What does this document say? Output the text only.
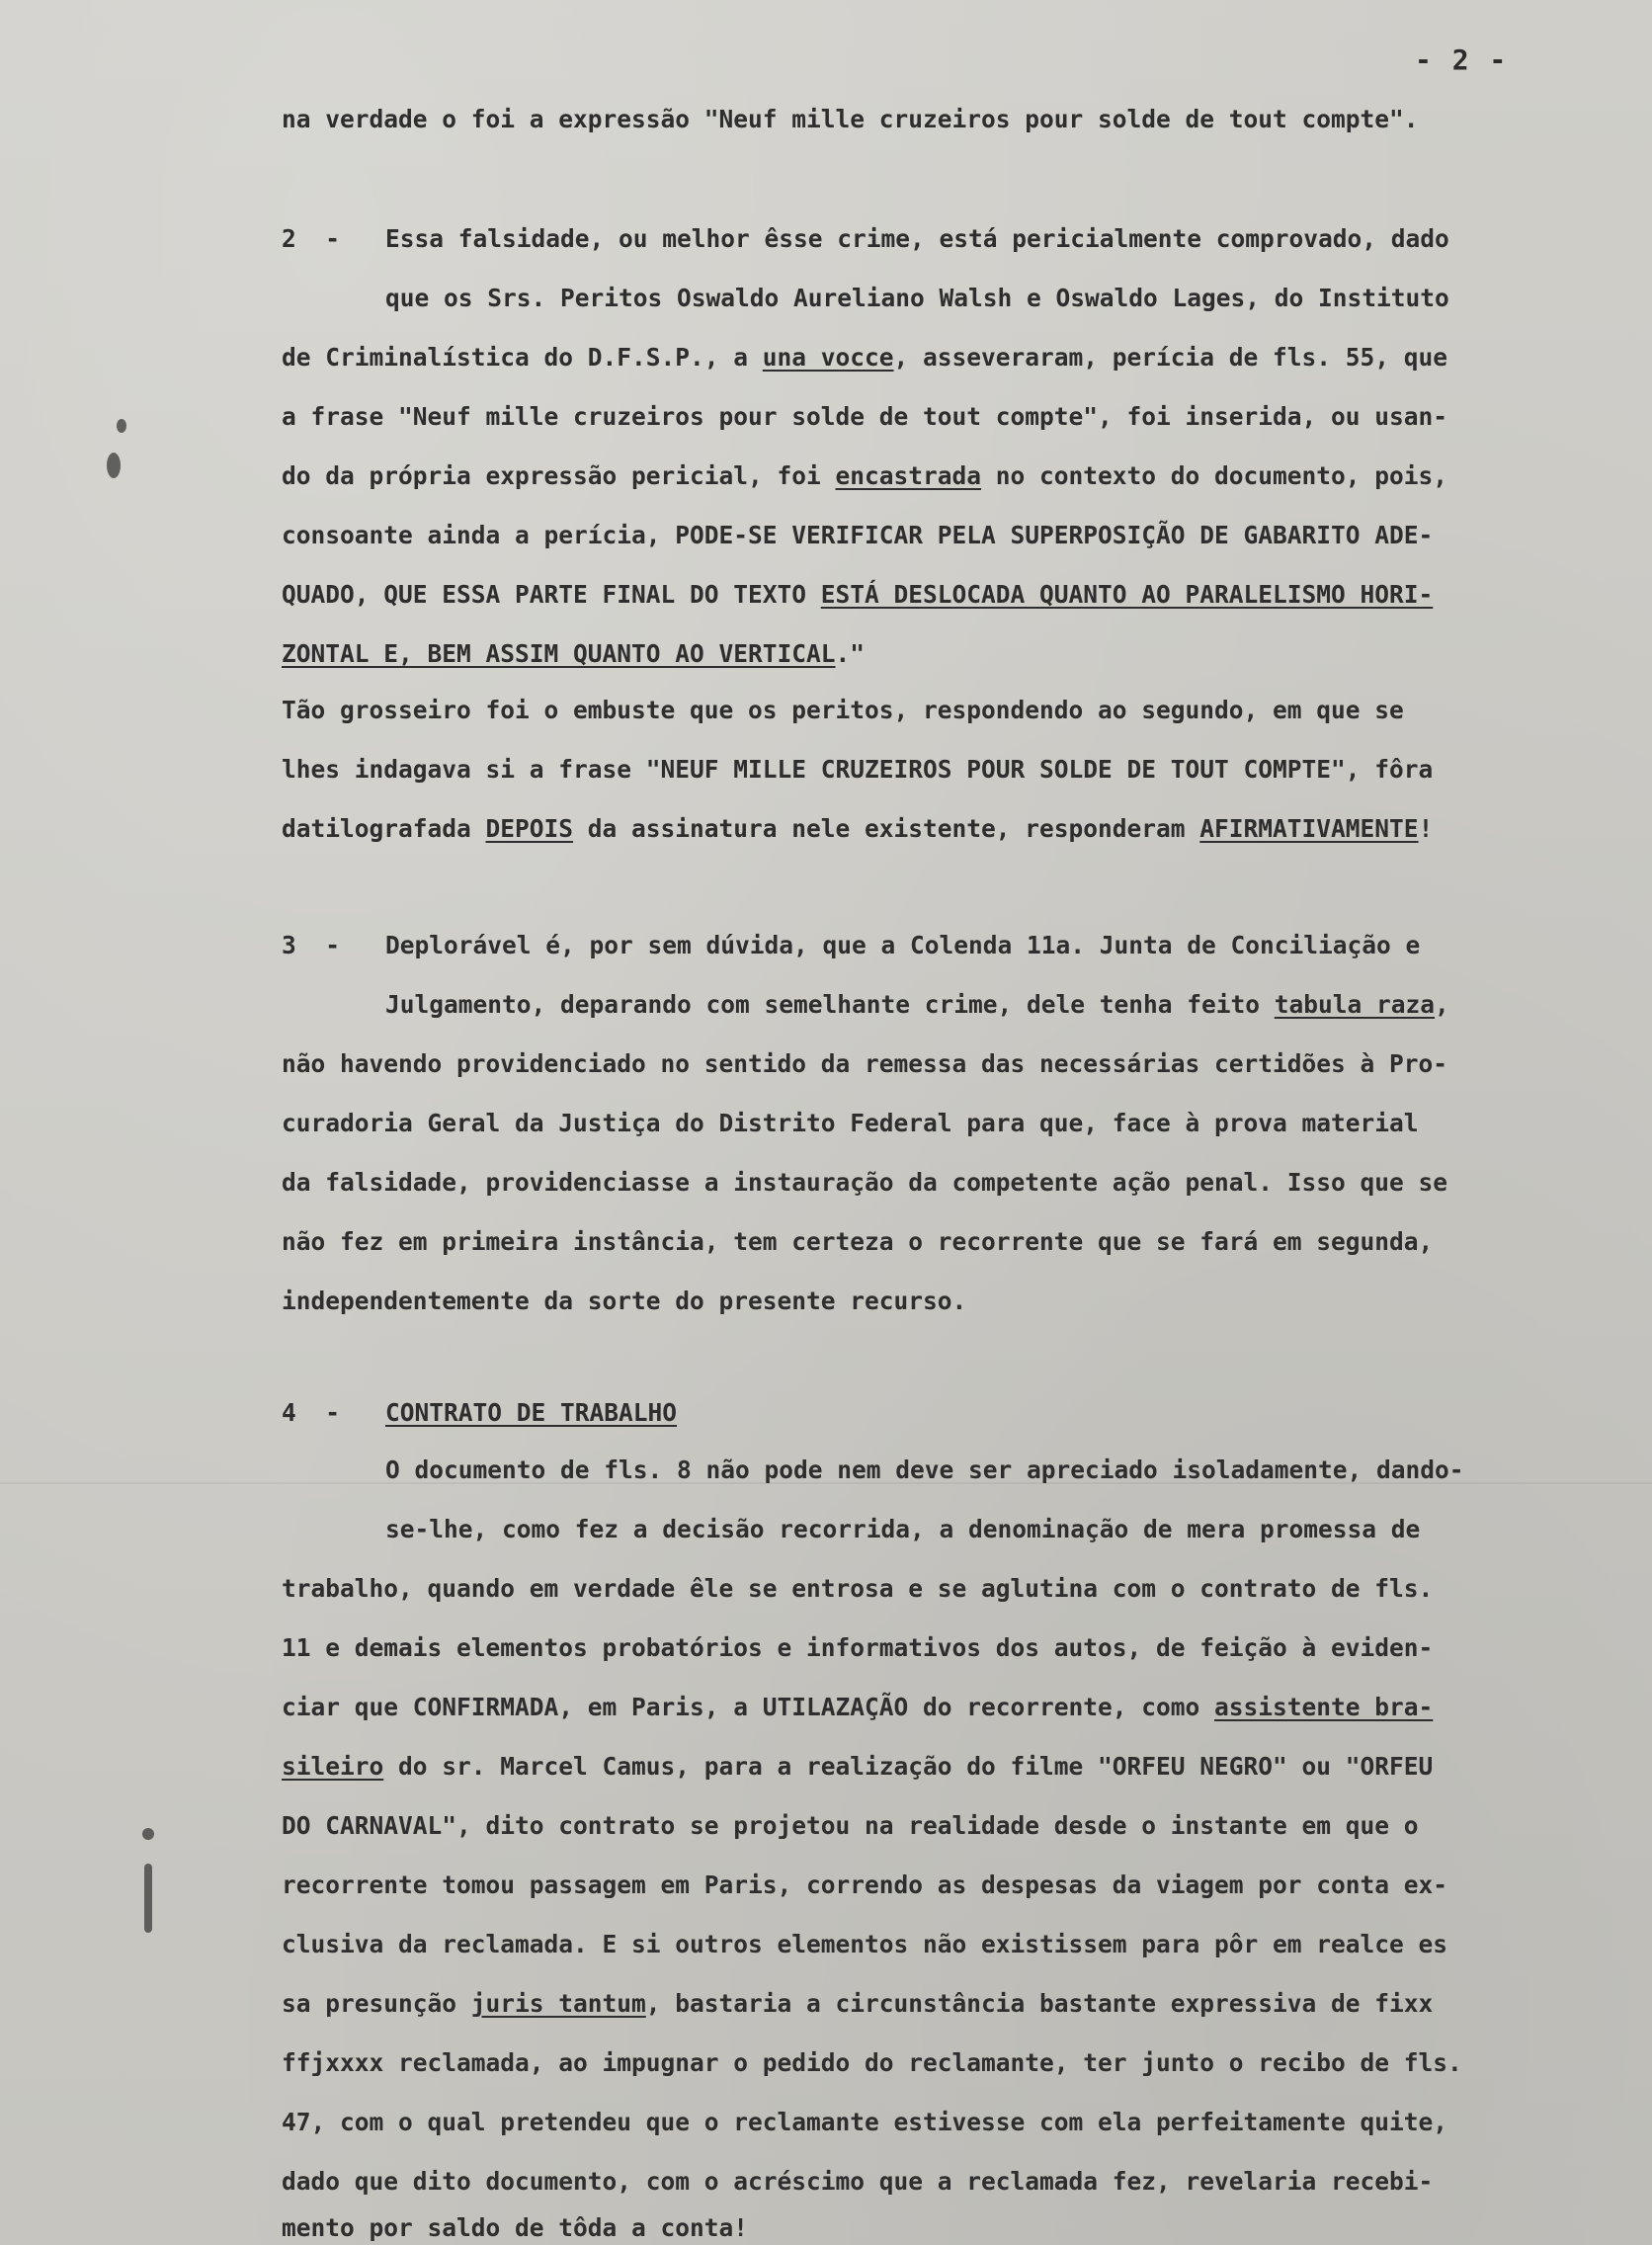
- 2 -
na verdade o foi a expressão "Neuf mille cruzeiros pour solde de tout compte".
2  - Essa falsidade, ou melhor êsse crime, está pericialmente comprovado, dado
que os Srs. Peritos Oswaldo Aureliano Walsh e Oswaldo Lages, do Instituto
de Criminalística do D.F.S.P., a una vocce, asseveraram, perícia de fls. 55, que
a frase "Neuf mille cruzeiros pour solde de tout compte", foi inserida, ou usan-
do da própria expressão pericial, foi encastrada no contexto do documento, pois,
consoante ainda a perícia, PODE-SE VERIFICAR PELA SUPERPOSIÇÃO DE GABARITO ADE-
QUADO, QUE ESSA PARTE FINAL DO TEXTO ESTÁ DESLOCADA QUANTO AO PARALELISMO HORI-
ZONTAL E, BEM ASSIM QUANTO AO VERTICAL."
Tão grosseiro foi o embuste que os peritos, respondendo ao segundo, em que se
lhes indagava si a frase "NEUF MILLE CRUZEIROS POUR SOLDE DE TOUT COMPTE", fôra
datilografada DEPOIS da assinatura nele existente, responderam AFIRMATIVAMENTE!
3  - Deplorável é, por sem dúvida, que a Colenda 11a. Junta de Conciliação e
Julgamento, deparando com semelhante crime, dele tenha feito tabula raza,
não havendo providenciado no sentido da remessa das necessárias certidões à Pro-
curadoria Geral da Justiça do Distrito Federal para que, face à prova material
da falsidade, providenciasse a instauração da competente ação penal. Isso que se
não fez em primeira instância, tem certeza o recorrente que se fará em segunda,
independentemente da sorte do presente recurso.
4  - CONTRATO DE TRABALHO
O documento de fls. 8 não pode nem deve ser apreciado isoladamente, dando-
se-lhe, como fez a decisão recorrida, a denominação de mera promessa de
trabalho, quando em verdade êle se entrosa e se aglutina com o contrato de fls.
11 e demais elementos probatórios e informativos dos autos, de feição à eviden-
ciar que CONFIRMADA, em Paris, a UTILAZAÇÃO do recorrente, como assistente bra-
sileiro do sr. Marcel Camus, para a realização do filme "ORFEU NEGRO" ou "ORFEU
DO CARNAVAL", dito contrato se projetou na realidade desde o instante em que o
recorrente tomou passagem em Paris, correndo as despesas da viagem por conta ex-
clusiva da reclamada. E si outros elementos não existissem para pôr em realce es
sa presunção juris tantum, bastaria a circunstância bastante expressiva de fixx
ffjxxxx reclamada, ao impugnar o pedido do reclamante, ter junto o recibo de fls.
47, com o qual pretendeu que o reclamante estivesse com ela perfeitamente quite,
dado que dito documento, com o acréscimo que a reclamada fez, revelaria recebi-
mento por saldo de tôda a conta!
